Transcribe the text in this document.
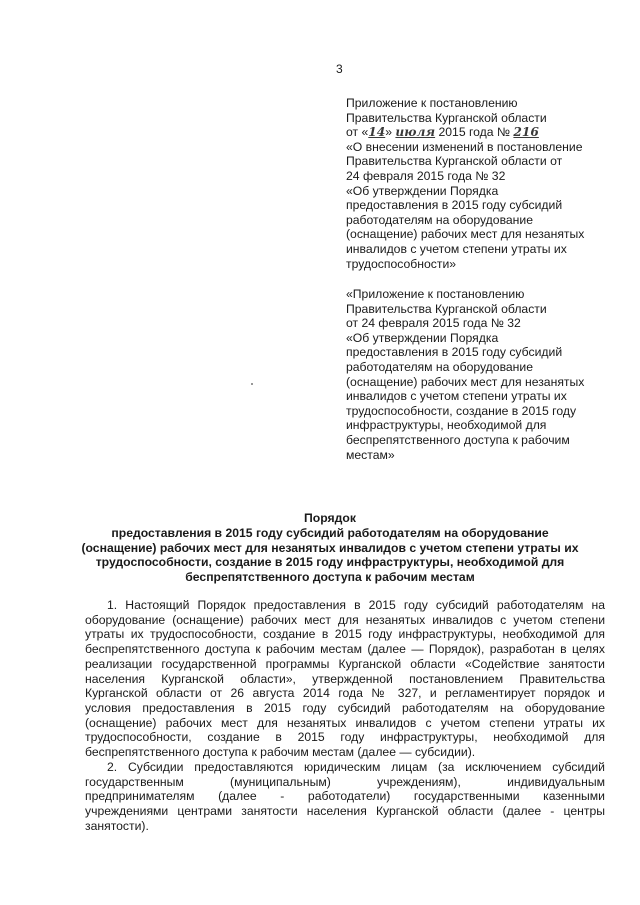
3
Приложение к постановлению
Правительства Курганской области
от «14» июля 2015 года № 216
«О внесении изменений в постановление
Правительства Курганской области от
24 февраля 2015 года № 32
«Об утверждении Порядка
предоставления в 2015 году субсидий
работодателям на оборудование
(оснащение) рабочих мест для незанятых
инвалидов с учетом степени утраты их
трудоспособности»
«Приложение к постановлению
Правительства Курганской области
от 24 февраля 2015 года № 32
«Об утверждении Порядка
предоставления в 2015 году субсидий
работодателям на оборудование
(оснащение) рабочих мест для незанятых
инвалидов с учетом степени утраты их
трудоспособности, создание в 2015 году
инфраструктуры, необходимой для
беспрепятственного доступа к рабочим
местам»
Порядок
предоставления в 2015 году субсидий работодателям на оборудование
(оснащение) рабочих мест для незанятых инвалидов с учетом степени утраты их
трудоспособности, создание в 2015 году инфраструктуры, необходимой для
беспрепятственного доступа к рабочим местам
1. Настоящий Порядок предоставления в 2015 году субсидий работодателям на
оборудование (оснащение) рабочих мест для незанятых инвалидов с учетом степени
утраты их трудоспособности, создание в 2015 году инфраструктуры, необходимой для
беспрепятственного доступа к рабочим местам (далее — Порядок), разработан в целях
реализации государственной программы Курганской области «Содействие занятости
населения Курганской области», утвержденной постановлением Правительства
Курганской области от 26 августа 2014 года № 327, и регламентирует порядок и
условия предоставления в 2015 году субсидий работодателям на оборудование
(оснащение) рабочих мест для незанятых инвалидов с учетом степени утраты их
трудоспособности, создание в 2015 году инфраструктуры, необходимой для
беспрепятственного доступа к рабочим местам (далее — субсидии).
2. Субсидии предоставляются юридическим лицам (за исключением субсидий
государственным (муниципальным) учреждениям), индивидуальным
предпринимателям (далее - работодатели) государственными казенными
учреждениями центрами занятости населения Курганской области (далее - центры
занятости).
